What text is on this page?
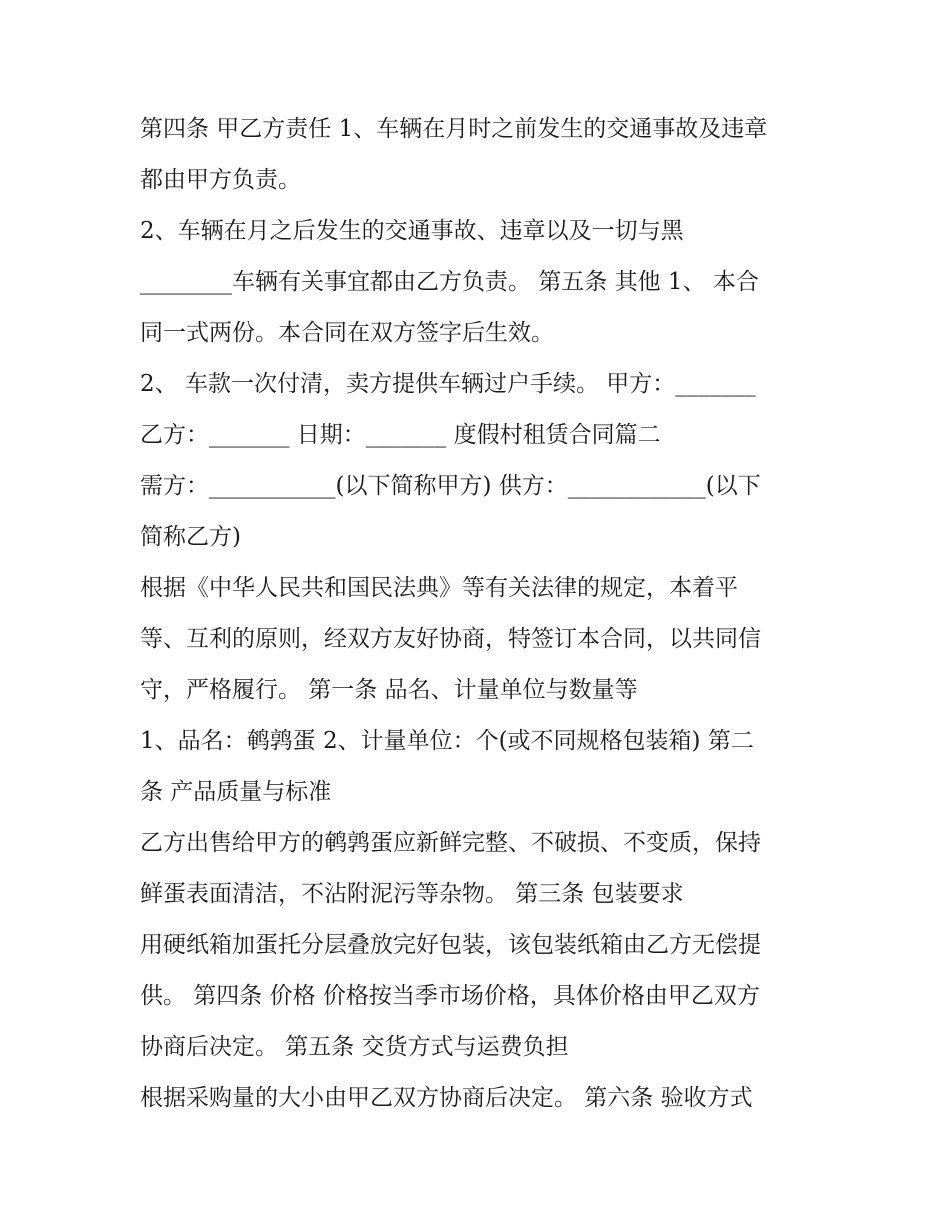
第四条 甲乙方责任 1、车辆在月时之前发生的交通事故及违章
都由甲方负责。
2、车辆在月之后发生的交通事故、违章以及一切与黑
________车辆有关事宜都由乙方负责。 第五条 其他 1、 本合
同一式两份。本合同在双方签字后生效。
2、 车款一次付清，卖方提供车辆过户手续。 甲方：_______
乙方：_______ 日期：_______ 度假村租赁合同篇二
需方：___________(以下简称甲方) 供方：____________(以下
简称乙方)
根据《中华人民共和国民法典》等有关法律的规定，本着平
等、互利的原则，经双方友好协商，特签订本合同，以共同信
守，严格履行。 第一条 品名、计量单位与数量等
1、品名：鹌鹑蛋 2、计量单位：个(或不同规格包装箱) 第二
条 产品质量与标准
乙方出售给甲方的鹌鹑蛋应新鲜完整、不破损、不变质，保持
鲜蛋表面清洁，不沾附泥污等杂物。 第三条 包装要求
用硬纸箱加蛋托分层叠放完好包装，该包装纸箱由乙方无偿提
供。 第四条 价格 价格按当季市场价格，具体价格由甲乙双方
协商后决定。 第五条 交货方式与运费负担
根据采购量的大小由甲乙双方协商后决定。 第六条 验收方式
